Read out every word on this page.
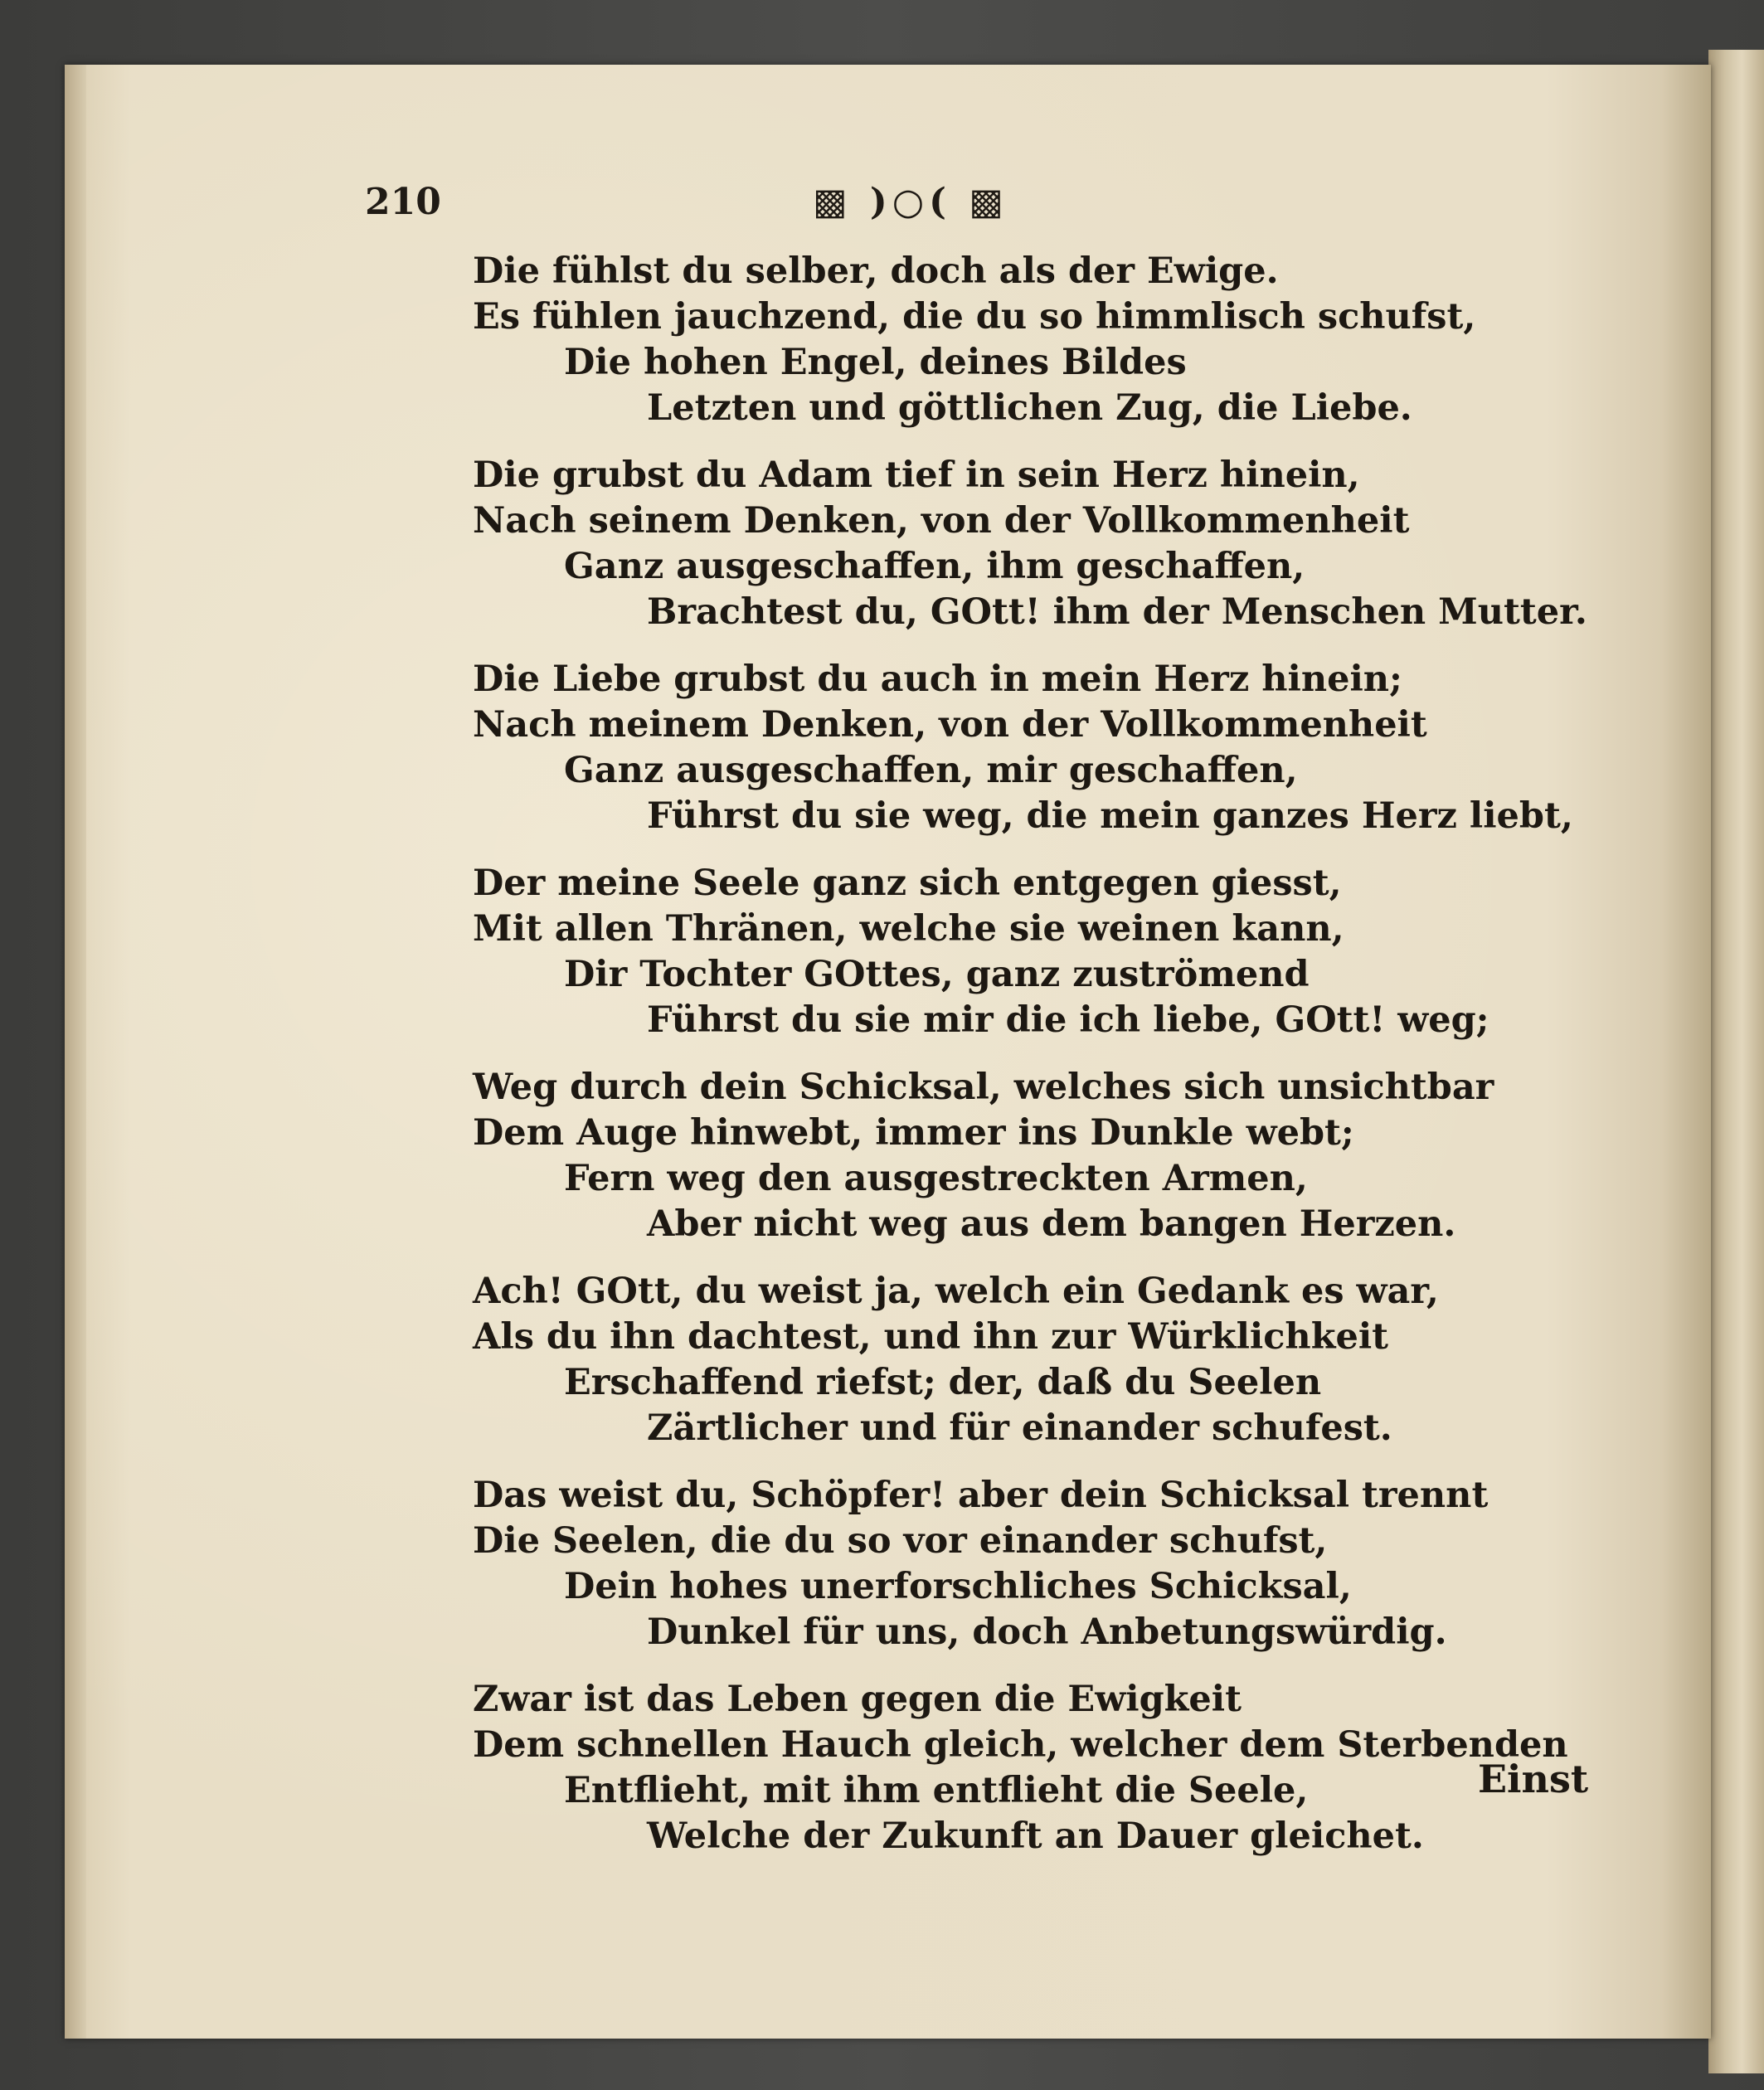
210	▩ )○( ▩
Die fühlst du selber, doch als der Ewige.
Es fühlen jauchzend, die du so himmlisch schufst,
Die hohen Engel, deines Bildes
Letzten und göttlichen Zug, die Liebe.
Die grubst du Adam tief in sein Herz hinein,
Nach seinem Denken, von der Vollkommenheit
Ganz ausgeschaffen, ihm geschaffen,
Brachtest du, GOtt! ihm der Menschen Mutter.
Die Liebe grubst du auch in mein Herz hinein;
Nach meinem Denken, von der Vollkommenheit
Ganz ausgeschaffen, mir geschaffen,
Führst du sie weg, die mein ganzes Herz liebt,
Der meine Seele ganz sich entgegen giesst,
Mit allen Thränen, welche sie weinen kann,
Dir Tochter GOttes, ganz zuströmend
Führst du sie mir die ich liebe, GOtt! weg;
Weg durch dein Schicksal, welches sich unsichtbar
Dem Auge hinwebt, immer ins Dunkle webt;
Fern weg den ausgestreckten Armen,
Aber nicht weg aus dem bangen Herzen.
Ach! GOtt, du weist ja, welch ein Gedank es war,
Als du ihn dachtest, und ihn zur Würklichkeit
Erschaffend riefst; der, daß du Seelen
Zärtlicher und für einander schufest.
Das weist du, Schöpfer! aber dein Schicksal trennt
Die Seelen, die du so vor einander schufst,
Dein hohes unerforschliches Schicksal,
Dunkel für uns, doch Anbetungswürdig.
Zwar ist das Leben gegen die Ewigkeit
Dem schnellen Hauch gleich, welcher dem Sterbenden
Entflieht, mit ihm entflieht die Seele,
Welche der Zukunft an Dauer gleichet.
Einst
